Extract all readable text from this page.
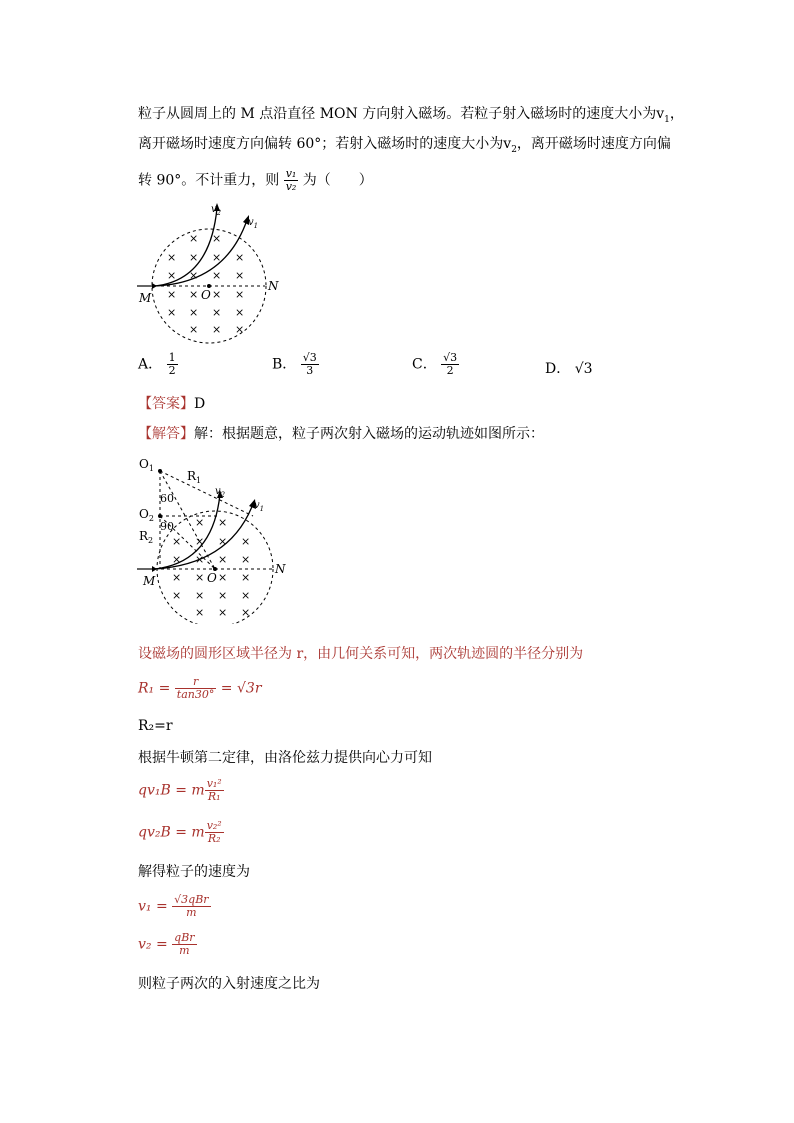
粒子从圆周上的 M 点沿直径 MON 方向射入磁场。若粒子射入磁场时的速度大小为$v_1$，
离开磁场时速度方向偏转 60°；若射入磁场时的速度大小为$v_2$，离开磁场时速度方向偏
转 90°。不计重力，则 $\frac{\text{v₁}}{\text{v₂}}$ 为（　　）
$v_2$
$v_1$
M	O
N
× ×
× × × ×
× × × ×
× × × ×
× × × ×
× × ×
A． $\frac{1}{2}$	B． $\frac{√3}{3}$	C． $\frac{√3}{2}$	D． √3
【答案】D
【解答】解：根据题意，粒子两次射入磁场的运动轨迹如图所示：
$O_1$
$O_2$
$R_1$
$R_2$
60
90
$v_2$
$v_1$
M	O
N
× ×
× × × ×
× × × ×
× × × ×
× × × ×
× × ×
设磁场的圆形区域半径为 r，由几何关系可知，两次轨迹圆的半径分别为
$R_1 = \frac{r}{\tan 30^\circ} = √3r$
R₂=r
根据牛顿第二定律，由洛伦兹力提供向心力可知
qv₁B = m $\frac{\text{v₁²}}{\text{R₁}}$
qv₂B = m $\frac{\text{v₂²}}{\text{R₂}}$
解得粒子的速度为
$v_1 = \frac{\text{√3qBr}}{m}$
$v_2 = \frac{\text{qBr}}{m}$
则粒子两次的入射速度之比为
